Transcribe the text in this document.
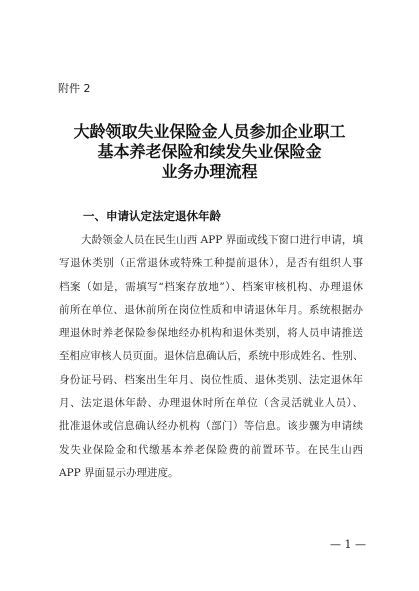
附件 2
大龄领取失业保险金人员参加企业职工
基本养老保险和续发失业保险金
业务办理流程
一、申请认定法定退休年龄
大龄领金人员在民生山西 APP 界面或线下窗口进行申请，填
写退休类别（正常退休或特殊工种提前退休），是否有组织人事
档案（如是，需填写“档案存放地”）、档案审核机构、办理退休
前所在单位、退休前所在岗位性质和申请退休年月。系统根据办
理退休时养老保险参保地经办机构和退休类别，将人员申请推送
至相应审核人员页面。退休信息确认后，系统中形成姓名、性别、
身份证号码、档案出生年月、岗位性质、退休类别、法定退休年
月、法定退休年龄、办理退休时所在单位（含灵活就业人员）、
批准退休或信息确认经办机构（部门）等信息。该步骤为申请续
发失业保险金和代缴基本养老保险费的前置环节。在民生山西
APP 界面显示办理进度。
— 1 —
